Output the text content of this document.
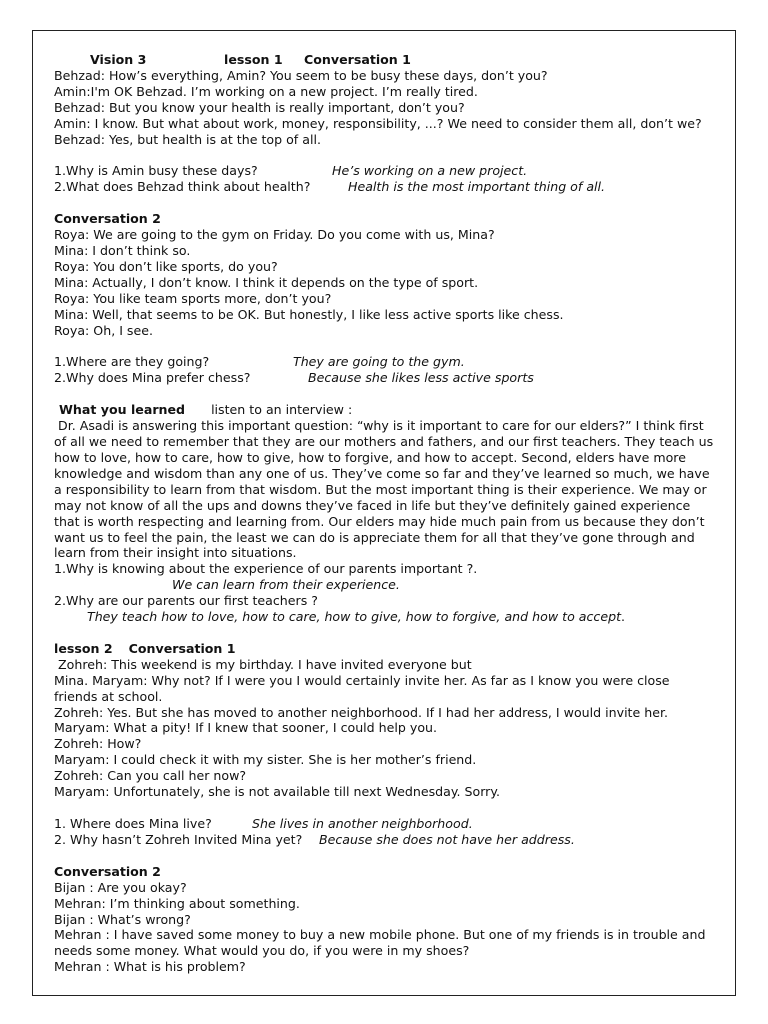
Vision 3	lesson 1 Conversation 1
Behzad: How’s everything, Amin? You seem to be busy these days, don’t you?
Amin:I'm OK Behzad. I’m working on a new project. I’m really tired.
Behzad: But you know your health is really important, don’t you?
Amin: I know. But what about work, money, responsibility, ...? We need to consider them all, don’t we?
Behzad: Yes, but health is at the top of all.
1.Why is Amin busy these days?	He’s working on a new project.
2.What does Behzad think about health?	Health is the most important thing of all.
Conversation 2
Roya: We are going to the gym on Friday. Do you come with us, Mina?
Mina: I don’t think so.
Roya: You don’t like sports, do you?
Mina: Actually, I don’t know. I think it depends on the type of sport.
Roya: You like team sports more, don’t you?
Mina: Well, that seems to be OK. But honestly, I like less active sports like chess.
Roya: Oh, I see.
1.Where are they going?	They are going to the gym.
2.Why does Mina prefer chess?	Because she likes less active sports
What you learned listen to an interview :
Dr. Asadi is answering this important question: “why is it important to care for our elders?” I think first of all we need to remember that they are our mothers and fathers, and our first teachers. They teach us how to love, how to care, how to give, how to forgive, and how to accept. Second, elders have more knowledge and wisdom than any one of us. They’ve come so far and they’ve learned so much, we have a responsibility to learn from that wisdom. But the most important thing is their experience. We may or may not know of all the ups and downs they’ve faced in life but they’ve definitely gained experience that is worth respecting and learning from. Our elders may hide much pain from us because they don’t want us to feel the pain, the least we can do is appreciate them for all that they’ve gone through and learn from their insight into situations.
1.Why is knowing about the experience of our parents important ?.
We can learn from their experience.
2.Why are our parents our first teachers ?
They teach how to love, how to care, how to give, how to forgive, and how to accept.
lesson 2 Conversation 1
Zohreh: This weekend is my birthday. I have invited everyone but
Mina. Maryam: Why not? If I were you I would certainly invite her. As far as I know you were close
friends at school.
Zohreh: Yes. But she has moved to another neighborhood. If I had her address, I would invite her.
Maryam: What a pity! If I knew that sooner, I could help you.
Zohreh: How?
Maryam: I could check it with my sister. She is her mother’s friend.
Zohreh: Can you call her now?
Maryam: Unfortunately, she is not available till next Wednesday. Sorry.
1. Where does Mina live?	She lives in another neighborhood.
2. Why hasn’t Zohreh Invited Mina yet? Because she does not have her address.
Conversation 2
Bijan : Are you okay?
Mehran: I’m thinking about something.
Bijan : What’s wrong?
Mehran : I have saved some money to buy a new mobile phone. But one of my friends is in trouble and
needs some money. What would you do, if you were in my shoes?
Mehran : What is his problem?
